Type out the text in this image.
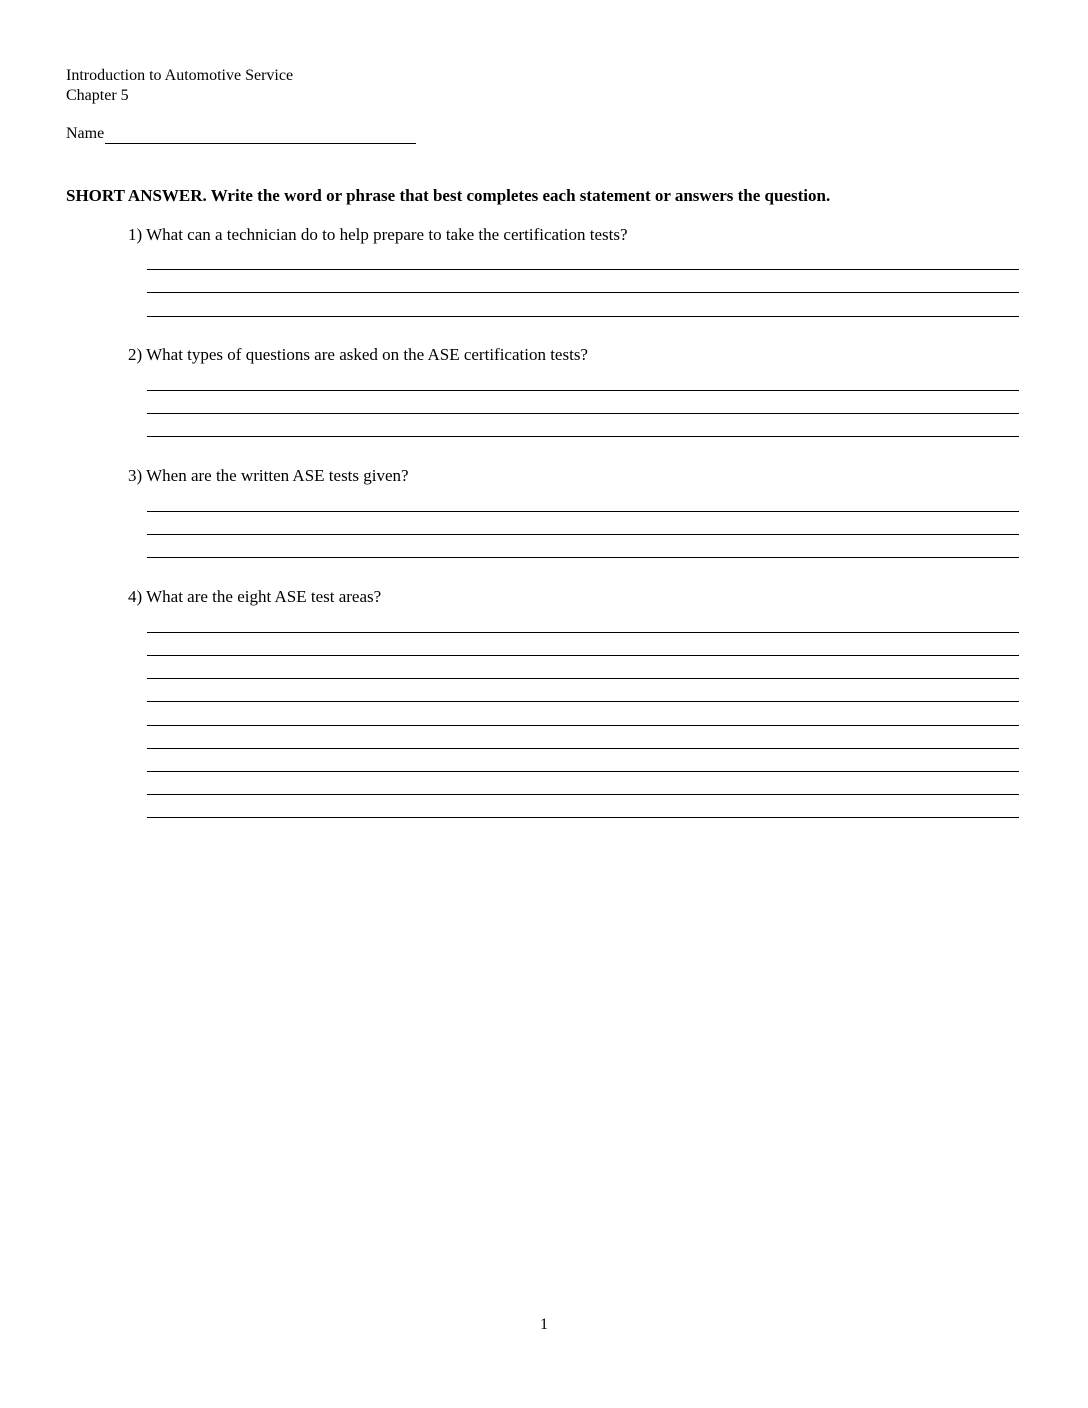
Introduction to Automotive Service
Chapter 5
Name
SHORT ANSWER. Write the word or phrase that best completes each statement or answers the question.
1) What can a technician do to help prepare to take the certification tests?
2) What types of questions are asked on the ASE certification tests?
3) When are the written ASE tests given?
4) What are the eight ASE test areas?
1
